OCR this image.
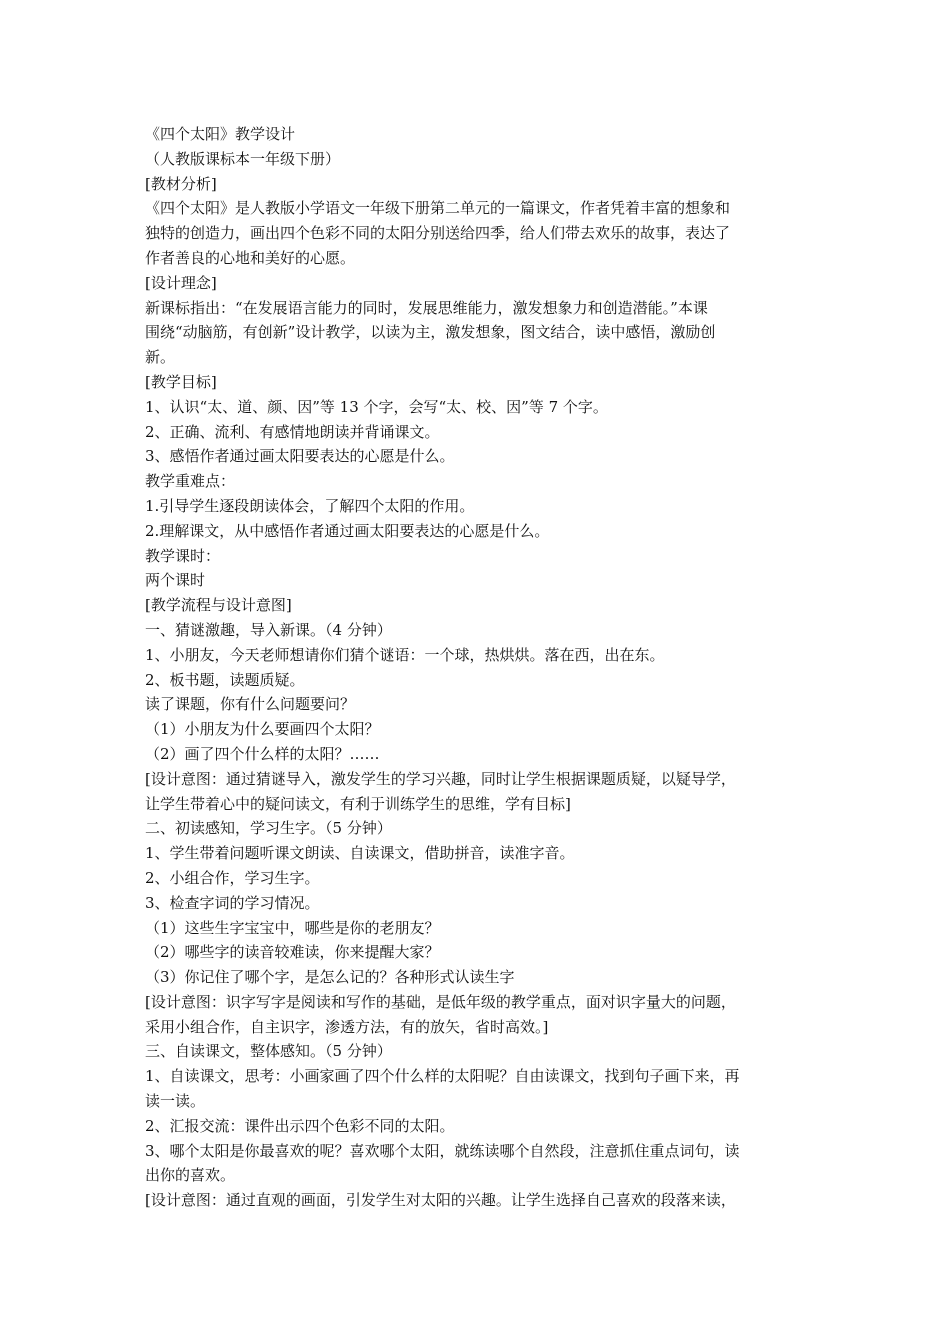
《四个太阳》教学设计
（人教版课标本一年级下册）
[教材分析]
《四个太阳》是人教版小学语文一年级下册第二单元的一篇课文，作者凭着丰富的想象和
独特的创造力，画出四个色彩不同的太阳分别送给四季，给人们带去欢乐的故事，表达了
作者善良的心地和美好的心愿。
[设计理念]
新课标指出：“在发展语言能力的同时，发展思维能力，激发想象力和创造潜能。”本课
围绕“动脑筋，有创新”设计教学，以读为主，激发想象，图文结合，读中感悟，激励创
新。
[教学目标]
1、认识“太、道、颜、因”等 13 个字，会写“太、校、因”等 7 个字。
2、正确、流利、有感情地朗读并背诵课文。
3、感悟作者通过画太阳要表达的心愿是什么。
教学重难点：
1.引导学生逐段朗读体会，了解四个太阳的作用。
2.理解课文，从中感悟作者通过画太阳要表达的心愿是什么。
教学课时：
两个课时
[教学流程与设计意图]
一、猜谜激趣，导入新课。（4 分钟）
1、小朋友，今天老师想请你们猜个谜语：一个球，热烘烘。落在西，出在东。
2、板书题，读题质疑。
读了课题，你有什么问题要问？
（1）小朋友为什么要画四个太阳？
（2）画了四个什么样的太阳？……
[设计意图：通过猜谜导入，激发学生的学习兴趣，同时让学生根据课题质疑，以疑导学，
让学生带着心中的疑问读文，有利于训练学生的思维，学有目标]
二、初读感知，学习生字。（5 分钟）
1、学生带着问题听课文朗读、自读课文，借助拼音，读准字音。
2、小组合作，学习生字。
3、检查字词的学习情况。
（1）这些生字宝宝中，哪些是你的老朋友？
（2）哪些字的读音较难读，你来提醒大家？
（3）你记住了哪个字，是怎么记的？各种形式认读生字
[设计意图：识字写字是阅读和写作的基础，是低年级的教学重点，面对识字量大的问题，
采用小组合作，自主识字，渗透方法，有的放矢，省时高效。]
三、自读课文，整体感知。（5 分钟）
1、自读课文，思考：小画家画了四个什么样的太阳呢？自由读课文，找到句子画下来，再
读一读。
2、汇报交流：课件出示四个色彩不同的太阳。
3、哪个太阳是你最喜欢的呢？喜欢哪个太阳，就练读哪个自然段，注意抓住重点词句，读
出你的喜欢。
[设计意图：通过直观的画面，引发学生对太阳的兴趣。让学生选择自己喜欢的段落来读，
